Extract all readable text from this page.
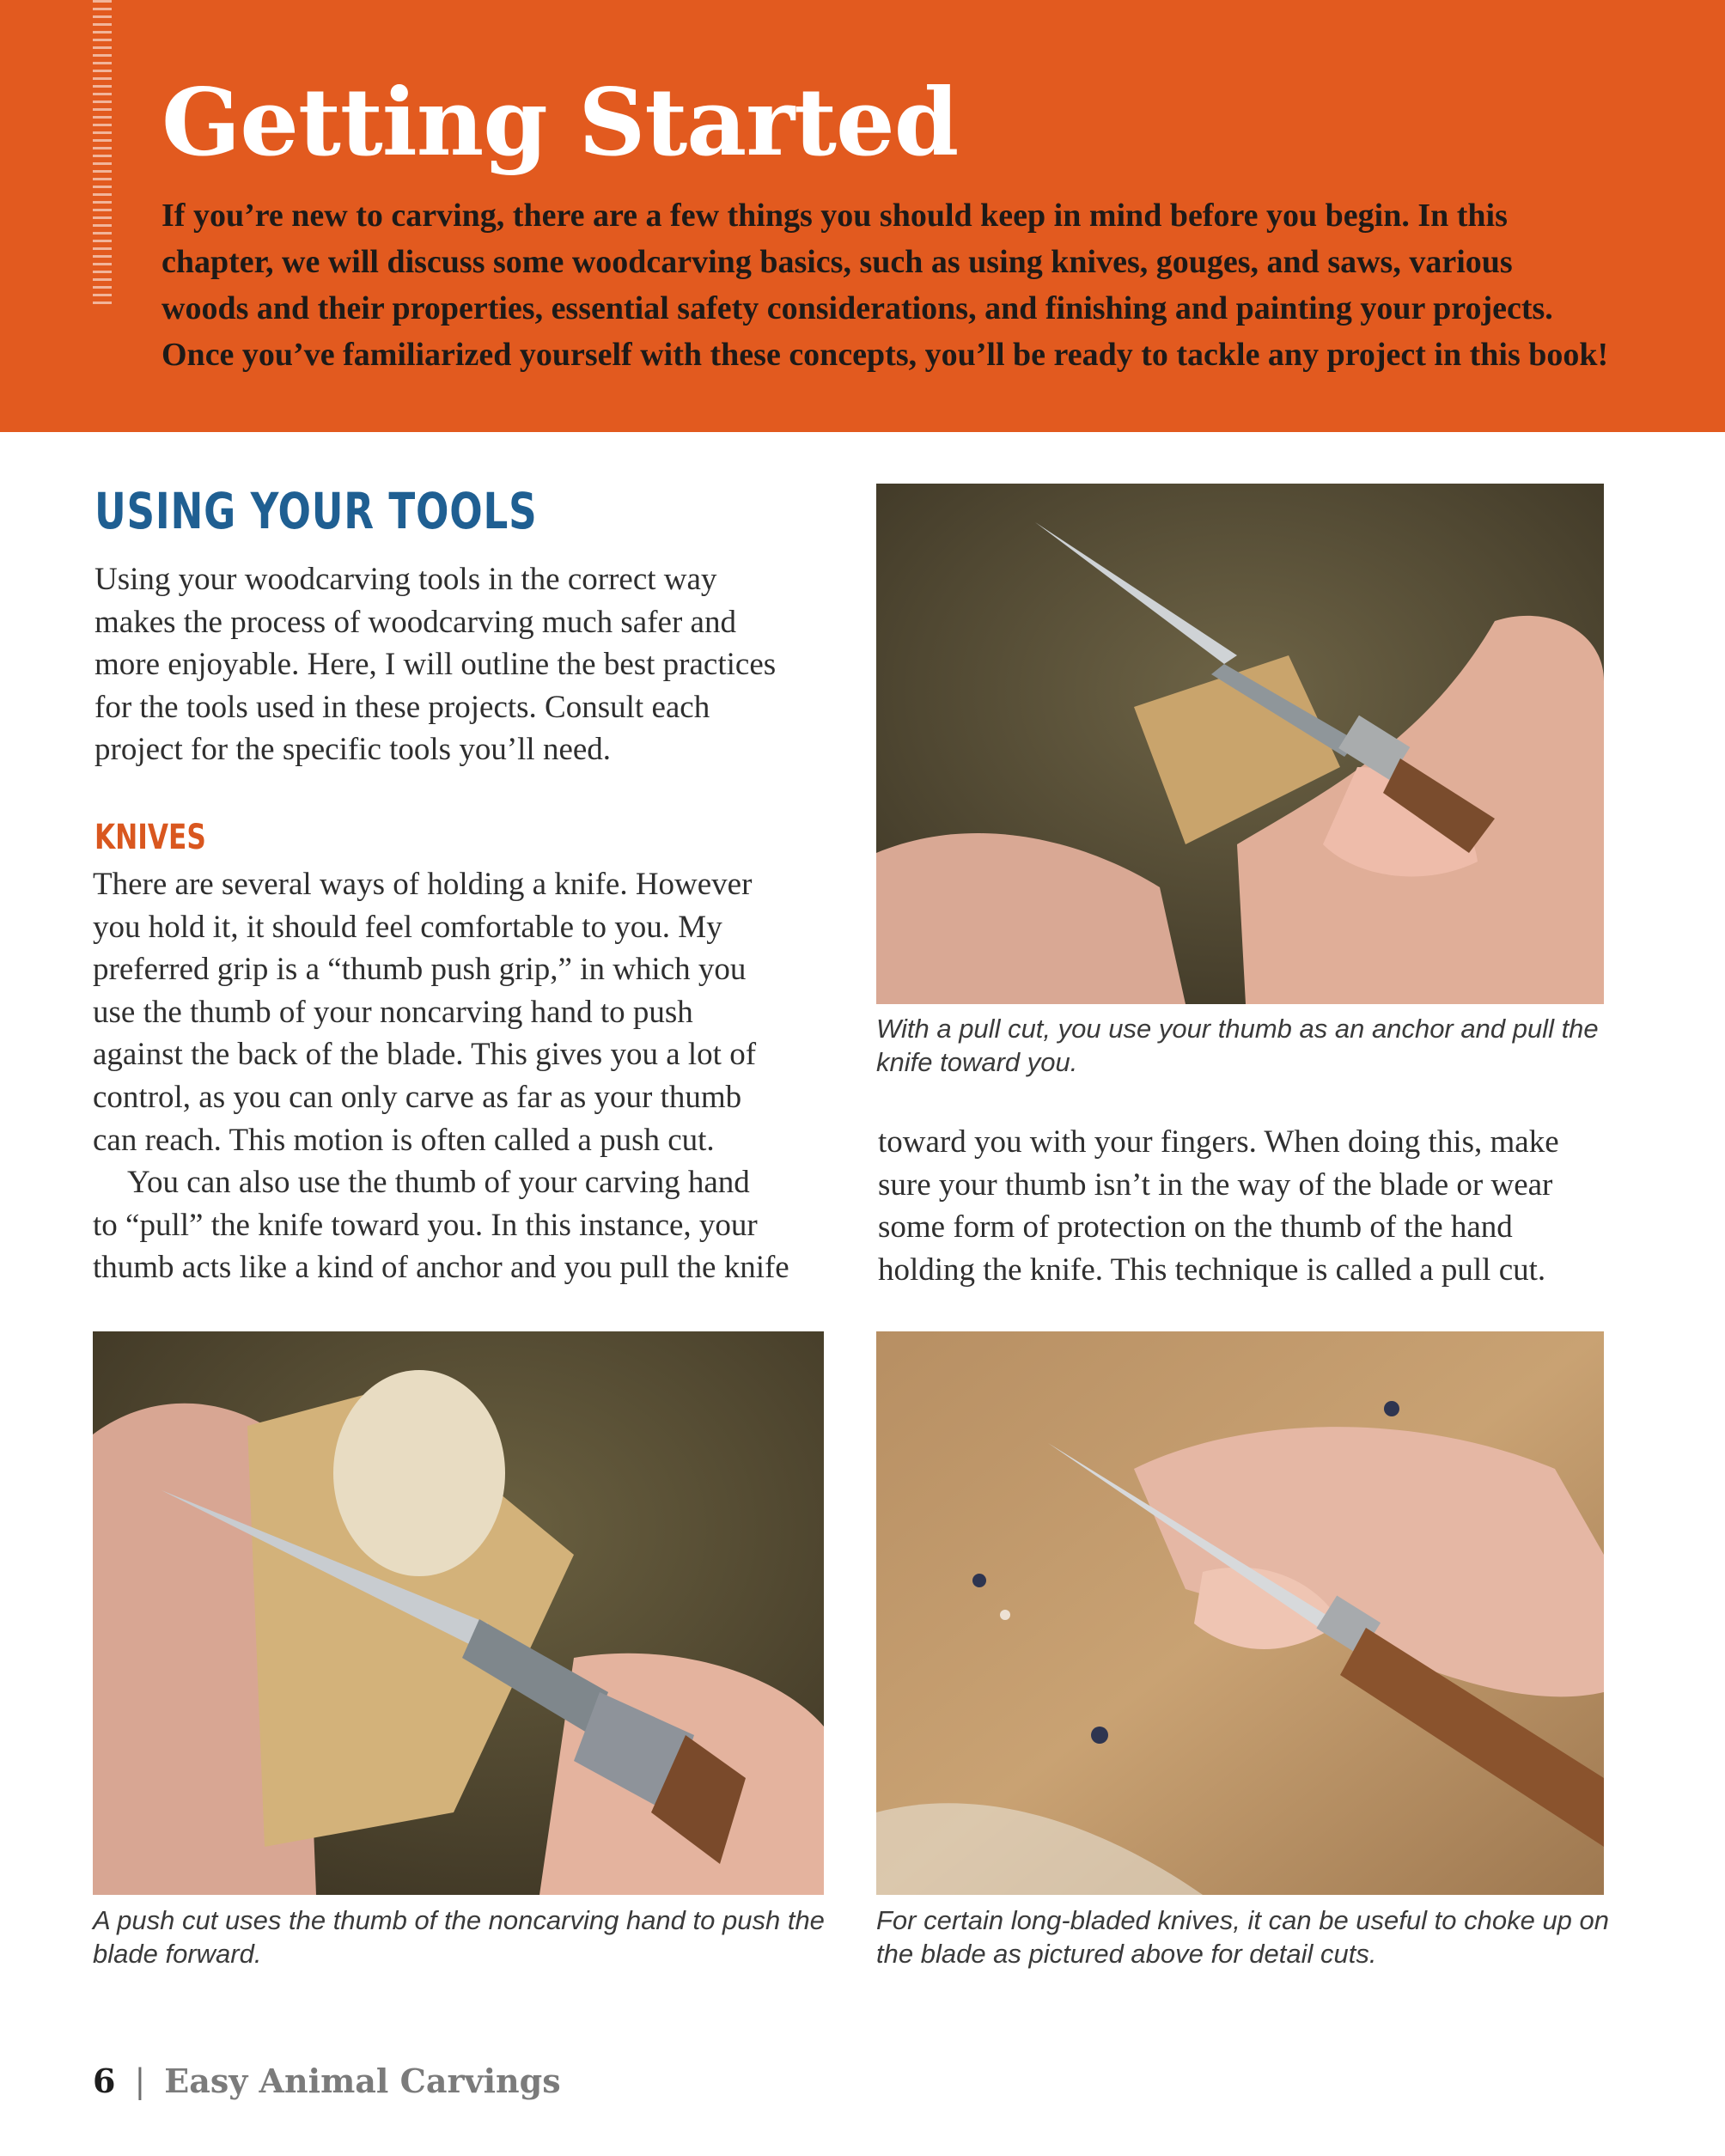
Getting Started
If you’re new to carving, there are a few things you should keep in mind before you begin. In this
chapter, we will discuss some woodcarving basics, such as using knives, gouges, and saws, various
woods and their properties, essential safety considerations, and finishing and painting your projects.
Once you’ve familiarized yourself with these concepts, you’ll be ready to tackle any project in this book!
USING YOUR TOOLS
Using your woodcarving tools in the correct way
makes the process of woodcarving much safer and
more enjoyable. Here, I will outline the best practices
for the tools used in these projects. Consult each
project for the specific tools you’ll need.
KNIVES
There are several ways of holding a knife. However
you hold it, it should feel comfortable to you. My
preferred grip is a “thumb push grip,” in which you
use the thumb of your noncarving hand to push
against the back of the blade. This gives you a lot of
control, as you can only carve as far as your thumb
can reach. This motion is often called a push cut.
You can also use the thumb of your carving hand
to “pull” the knife toward you. In this instance, your
thumb acts like a kind of anchor and you pull the knife
With a pull cut, you use your thumb as an anchor and pull the
knife toward you.
toward you with your fingers. When doing this, make
sure your thumb isn’t in the way of the blade or wear
some form of protection on the thumb of the hand
holding the knife. This technique is called a pull cut.
A push cut uses the thumb of the noncarving hand to push the
blade forward.
For certain long-bladed knives, it can be useful to choke up on
the blade as pictured above for detail cuts.
6 | Easy Animal Carvings
